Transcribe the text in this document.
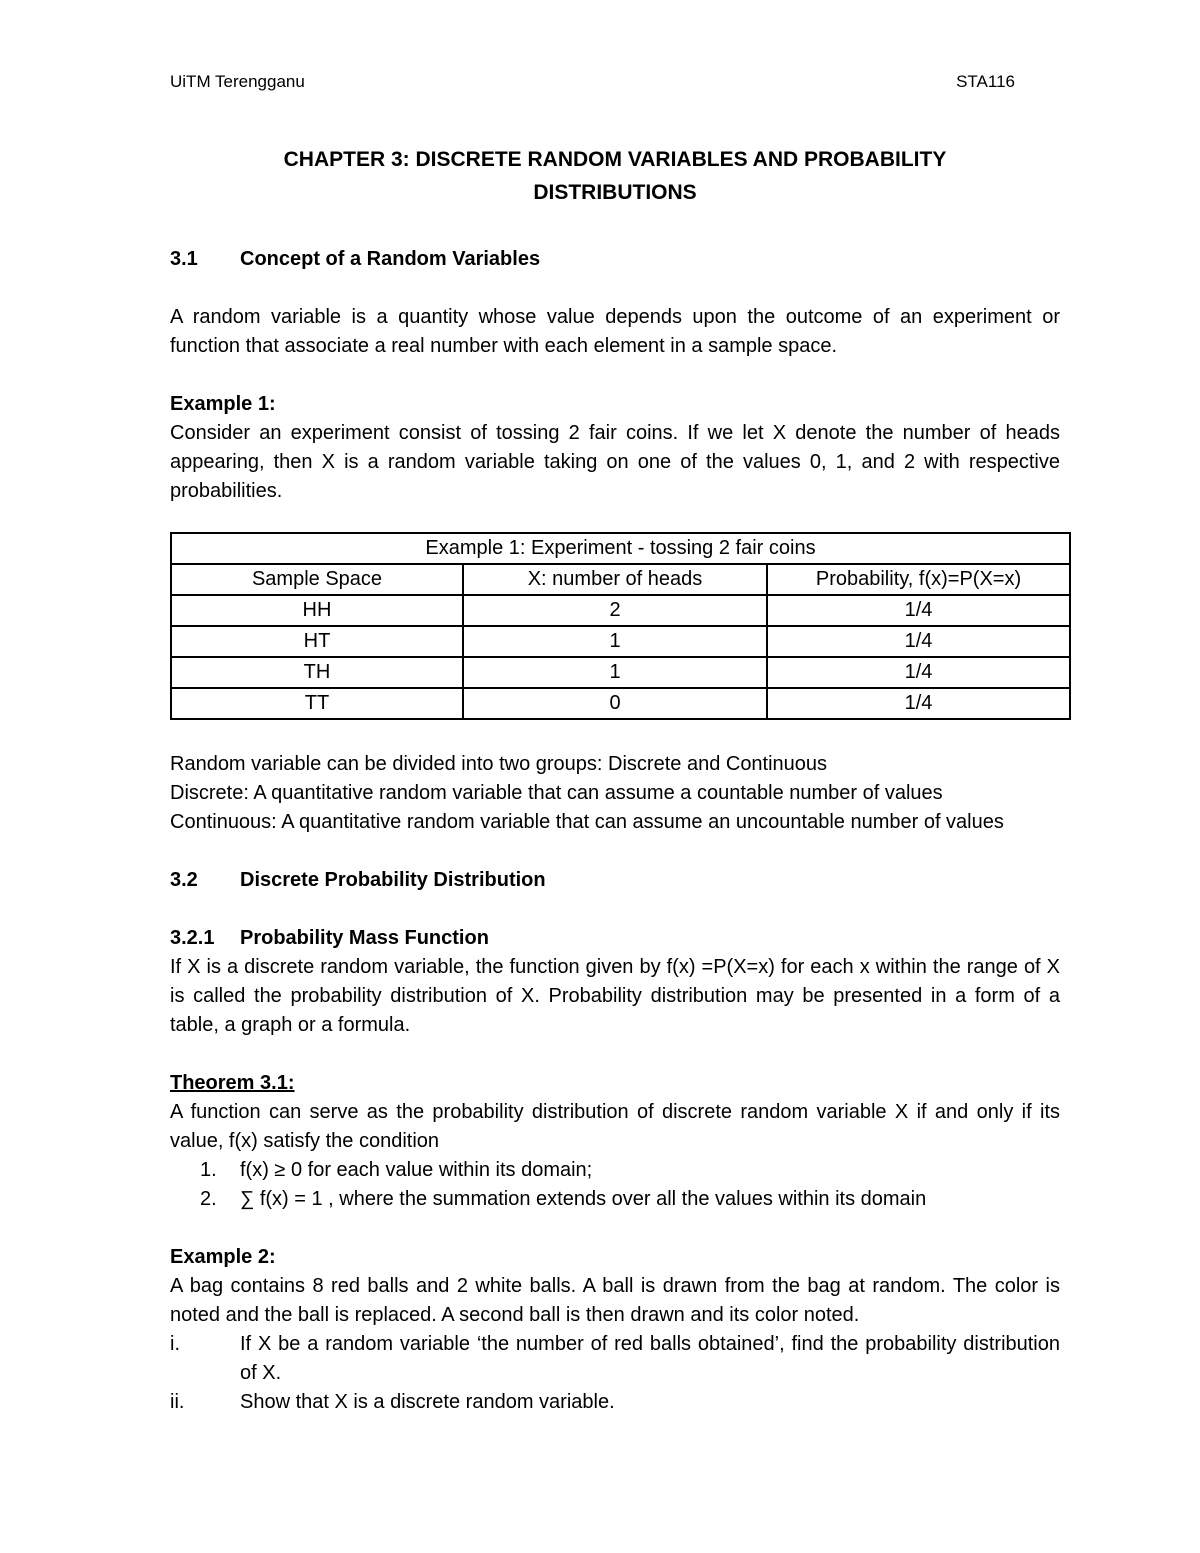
UiTM Terengganu	STA116

CHAPTER 3: DISCRETE RANDOM VARIABLES AND PROBABILITY

DISTRIBUTIONS

3.1 Concept of a Random Variables

A random variable is a quantity whose value depends upon the outcome of an experiment or function that associate a real number with each element in a sample space.

Example 1:

Consider an experiment consist of tossing 2 fair coins. If we let X denote the number of heads appearing, then X is a random variable taking on one of the values 0, 1, and 2 with respective probabilities.

Example 1: Experiment - tossing 2 fair coins		
Sample Space	X: number of heads	Probability, f(x)=P(X=x)
HH	2	1/4
HT	1	1/4
TH	1	1/4
TT	0	1/4

Random variable can be divided into two groups: Discrete and Continuous

Discrete: A quantitative random variable that can assume a countable number of values

Continuous: A quantitative random variable that can assume an uncountable number of values

3.2 Discrete Probability Distribution

3.2.1 Probability Mass Function

If X is a discrete random variable, the function given by f(x) =P(X=x) for each x within the range of X is called the probability distribution of X. Probability distribution may be presented in a form of a table, a graph or a formula.

Theorem 3.1:

A function can serve as the probability distribution of discrete random variable X if and only if its value, f(x) satisfy the condition

1. f(x) ≥ 0 for each value within its domain;

2. ∑ f(x) = 1 , where the summation extends over all the values within its domain

Example 2:

A bag contains 8 red balls and 2 white balls. A ball is drawn from the bag at random. The color is noted and the ball is replaced. A second ball is then drawn and its color noted.

i.	If X be a random variable ‘the number of red balls obtained’, find the probability distribution of X.
ii.	Show that X is a discrete random variable.
